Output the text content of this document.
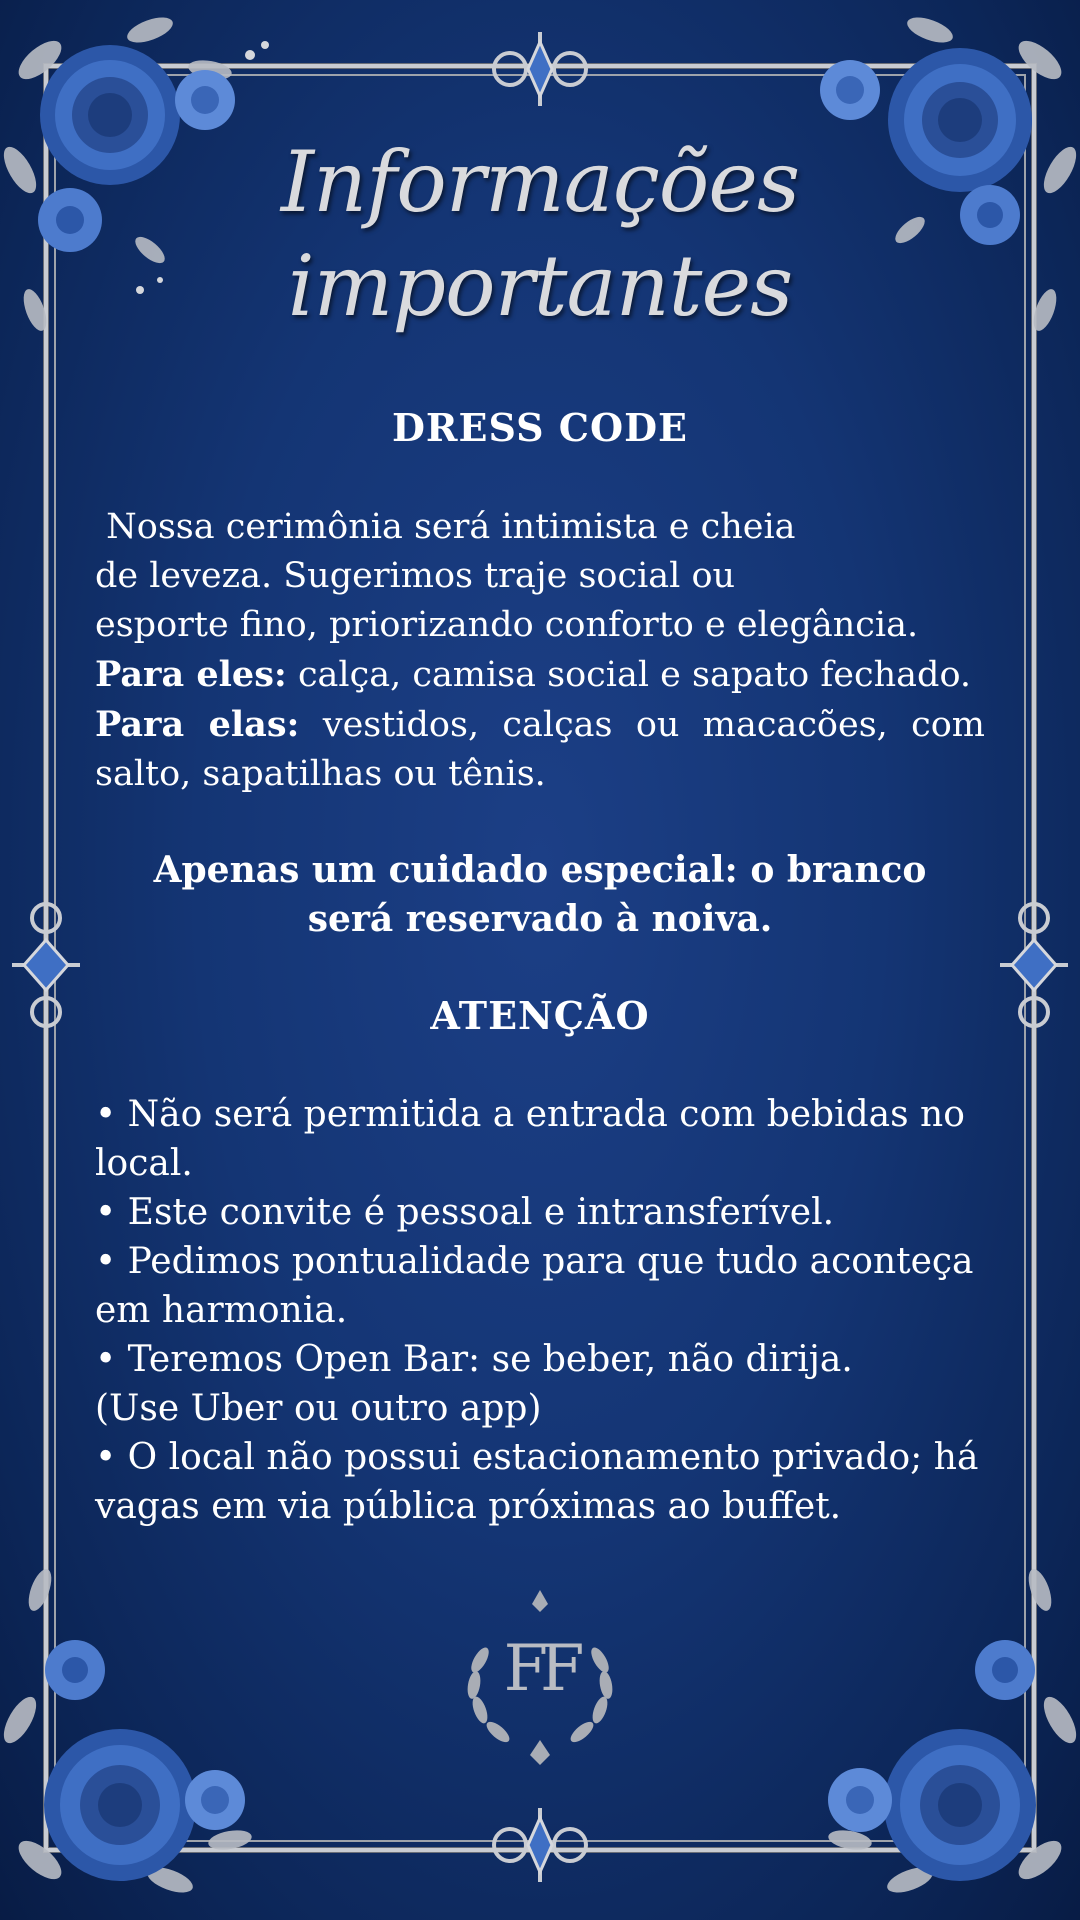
Informações
importantes
DRESS CODE
Nossa cerimônia será intimista e cheia
de leveza. Sugerimos traje social ou
esporte fino, priorizando conforto e elegância.
Para eles: calça, camisa social e sapato fechado.
Para elas: vestidos, calças ou macacões, com salto, sapatilhas ou tênis.
Apenas um cuidado especial: o branco
será reservado à noiva.
ATENÇÃO
• Não será permitida a entrada com bebidas no
local.
• Este convite é pessoal e intransferível.
• Pedimos pontualidade para que tudo aconteça
em harmonia.
• Teremos Open Bar: se beber, não dirija.
(Use Uber ou outro app)
• O local não possui estacionamento privado; há
vagas em via pública próximas ao buffet.
FF
